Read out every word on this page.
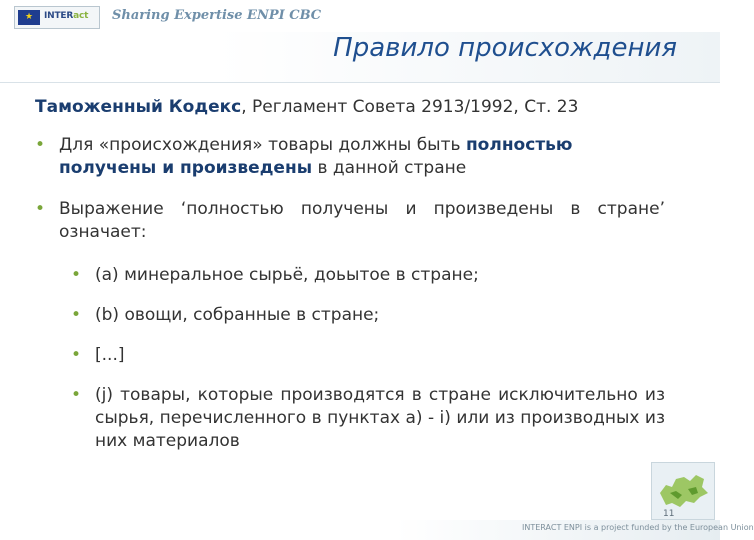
★	INTERact Sharing Expertise ENPI CBC
Правило происхождения

Таможенный Кодекс, Регламент Совета 2913/1992, Ст. 23

• Для «происхождения» товары должны быть полностью получены и произведены в данной стране
• Выражение ‘полностью получены и произведены в стране’ означает:
• (a) минеральное сырьё, доьытое в стране;
• (b) овощи, собранные в стране;
• [...]
• (j) товары, которые производятся в стране исключительно из сырья, перечисленного в пунктах a) - i) или из производных из них материалов
11
INTERACT ENPI is a project funded by the European Union
